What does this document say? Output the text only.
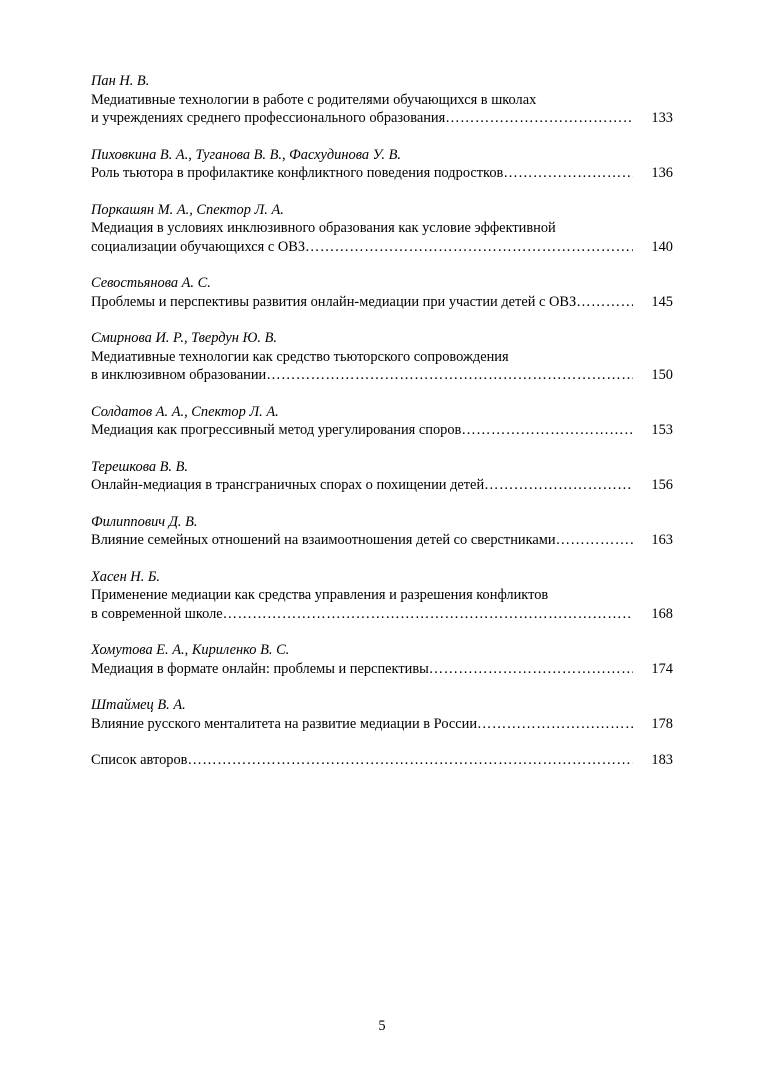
Пан Н. В.
Медиативные технологии в работе с родителями обучающихся в школах
и учреждениях среднего профессионального образования ………………………………………………………………………………………………………………………………………………………………	133
Пиховкина В. А., Туганова В. В., Фасхудинова У. В.
Роль тьютора в профилактике конфликтного поведения подростков ………………………………………………………………………………………………………………………………………………………………	136
Поркашян М. А., Спектор Л. А.
Медиация в условиях инклюзивного образования как условие эффективной
социализации обучающихся с ОВЗ ………………………………………………………………………………………………………………………………………………………………	140
Севостьянова А. С.
Проблемы и перспективы развития онлайн-медиации при участии детей с ОВЗ ………………………………………………………………………………………………………………………………………………………………	145
Смирнова И. Р., Твердун Ю. В.
Медиативные технологии как средство тьюторского сопровождения
в инклюзивном образовании ………………………………………………………………………………………………………………………………………………………………	150
Солдатов А. А., Спектор Л. А.
Медиация как прогрессивный метод урегулирования споров ………………………………………………………………………………………………………………………………………………………………	153
Терешкова В. В.
Онлайн-медиация в трансграничных спорах о похищении детей ………………………………………………………………………………………………………………………………………………………………	156
Филиппович Д. В.
Влияние семейных отношений на взаимоотношения детей со сверстниками ………………………………………………………………………………………………………………………………………………………………	163
Хасен Н. Б.
Применение медиации как средства управления и разрешения конфликтов
в современной школе ………………………………………………………………………………………………………………………………………………………………	168
Хомутова Е. А., Кириленко В. С.
Медиация в формате онлайн: проблемы и перспективы ………………………………………………………………………………………………………………………………………………………………	174
Штаймец В. А.
Влияние русского менталитета на развитие медиации в России ………………………………………………………………………………………………………………………………………………………………	178
Список авторов ………………………………………………………………………………………………………………………………………………………………	183
5
